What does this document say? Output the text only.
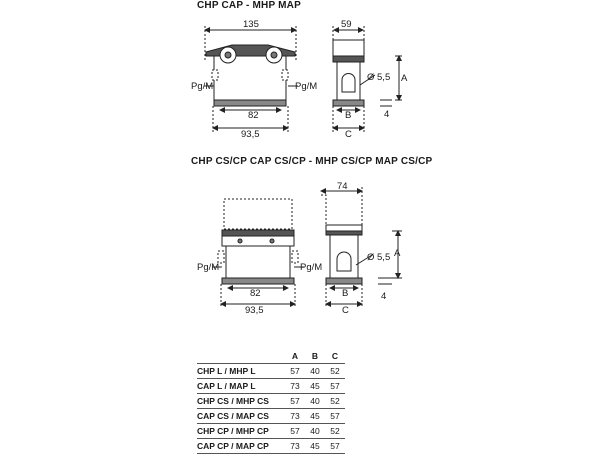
CHP CAP - MHP MAP
CHP CS/CP CAP CS/CP - MHP CS/CP MAP CS/CP
135
82
93,5
Pg/M	Pg/M
59
Ø 5,5 A
B
C
4
82
93,5
Pg/M	Pg/M
74
Ø 5,5 A
B
C
4
	A	B	C
CHP L / MHP L	57	40	52
CAP L / MAP L	73	45	57
CHP CS / MHP CS	57	40	52
CAP CS / MAP CS	73	45	57
CHP CP / MHP CP	57	40	52
CAP CP / MAP CP	73	45	57
